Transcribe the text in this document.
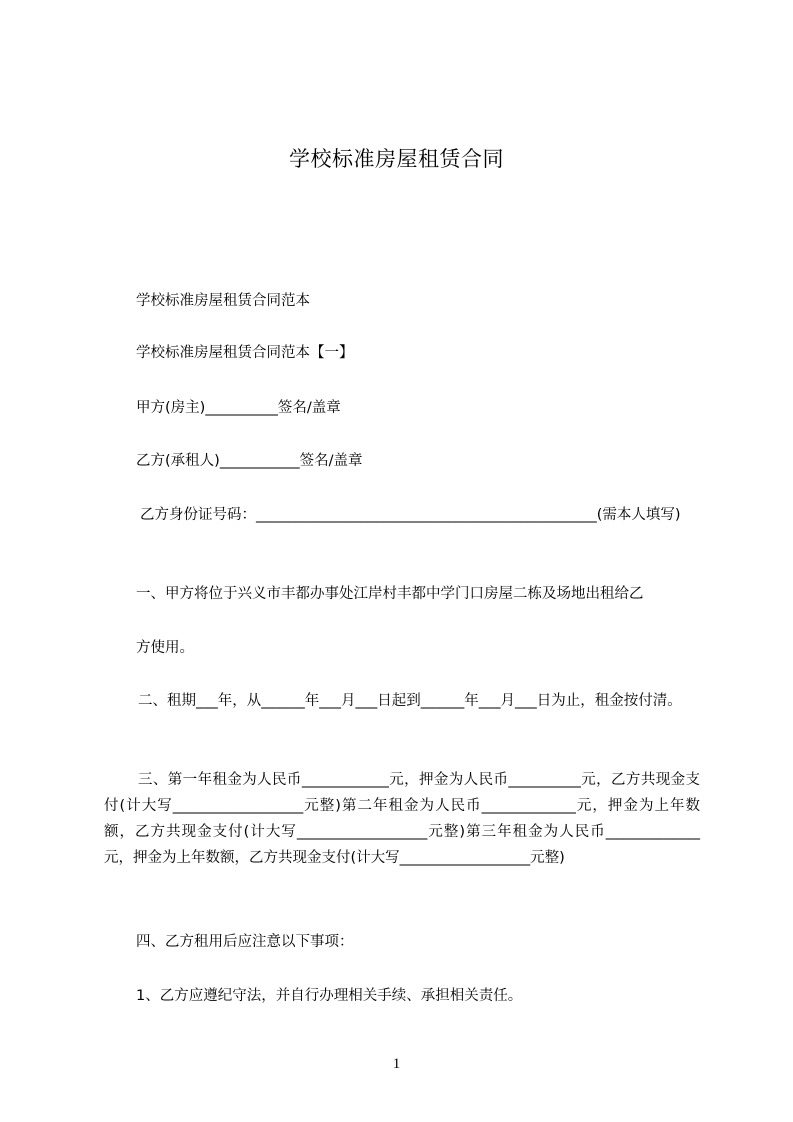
学校标准房屋租赁合同
学校标准房屋租赁合同范本
学校标准房屋租赁合同范本【一】
甲方(房主)__________签名/盖章
乙方(承租人)___________签名/盖章
乙方身份证号码：_______________________________________________(需本人填写)
一、甲方将位于兴义市丰都办事处江岸村丰都中学门口房屋二栋及场地出租给乙
方使用。
二、租期___年，从______年___月___日起到______年___月___日为止，租金按付清。
三、第一年租金为人民币____________元，押金为人民币__________元，乙方共现金支付(计大写__________________元整)第二年租金为人民币_____________元，押金为上年数额，乙方共现金支付(计大写__________________元整)第三年租金为人民币_____________元，押金为上年数额，乙方共现金支付(计大写__________________元整)
四、乙方租用后应注意以下事项：
1、乙方应遵纪守法，并自行办理相关手续、承担相关责任。
1
